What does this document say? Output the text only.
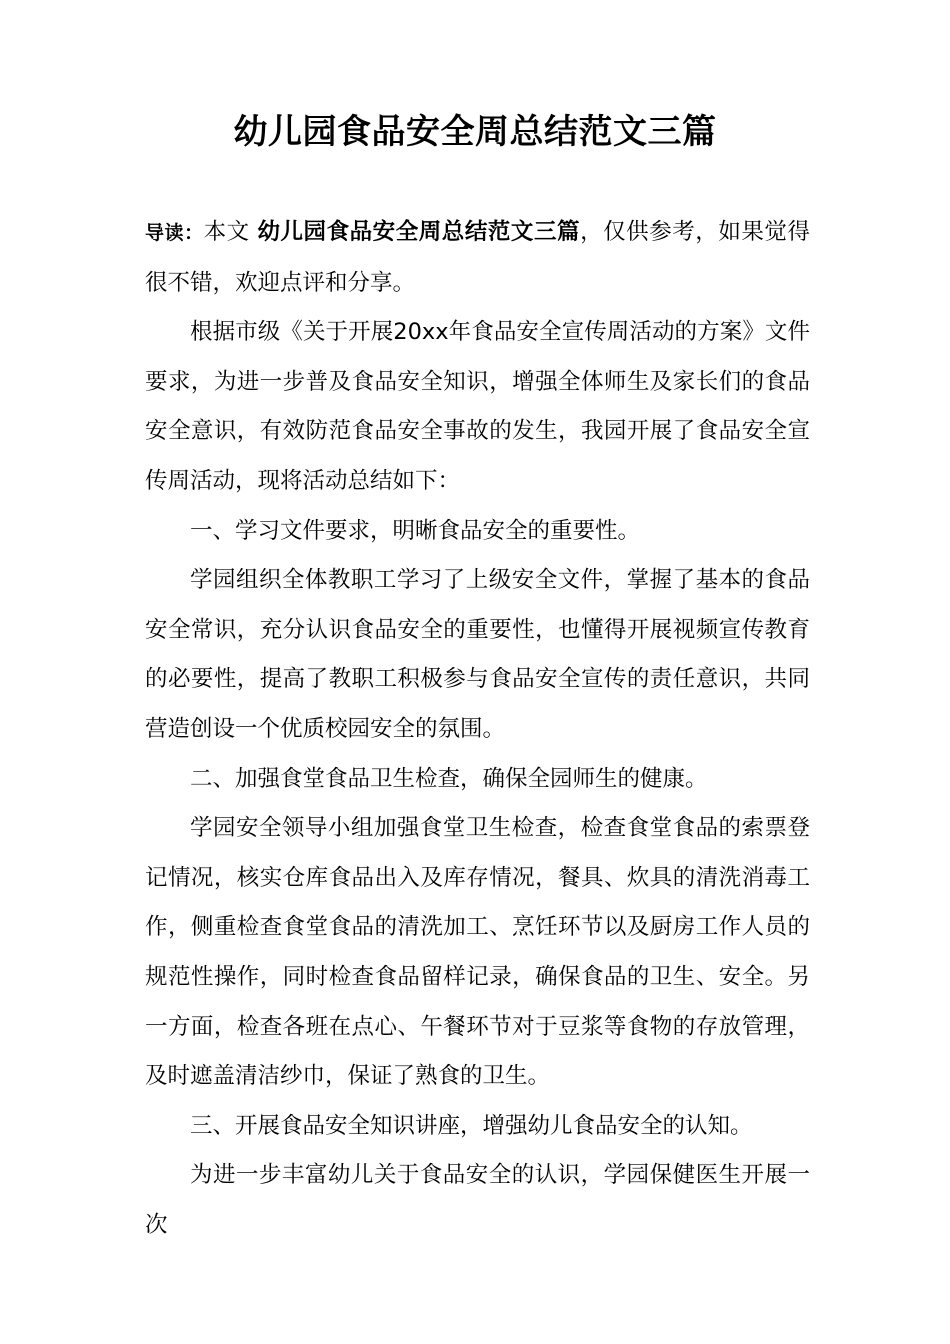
幼儿园食品安全周总结范文三篇

导读：本文 幼儿园食品安全周总结范文三篇，仅供参考，如果觉得很不错，欢迎点评和分享。

根据市级《关于开展20xx年食品安全宣传周活动的方案》文件要求，为进一步普及食品安全知识，增强全体师生及家长们的食品安全意识，有效防范食品安全事故的发生，我园开展了食品安全宣传周活动，现将活动总结如下：

一、学习文件要求，明晰食品安全的重要性。

学园组织全体教职工学习了上级安全文件，掌握了基本的食品安全常识，充分认识食品安全的重要性，也懂得开展视频宣传教育的必要性，提高了教职工积极参与食品安全宣传的责任意识，共同营造创设一个优质校园安全的氛围。

二、加强食堂食品卫生检查，确保全园师生的健康。

学园安全领导小组加强食堂卫生检查，检查食堂食品的索票登记情况，核实仓库食品出入及库存情况，餐具、炊具的清洗消毒工作，侧重检查食堂食品的清洗加工、烹饪环节以及厨房工作人员的规范性操作，同时检查食品留样记录，确保食品的卫生、安全。另一方面，检查各班在点心、午餐环节对于豆浆等食物的存放管理，及时遮盖清洁纱巾，保证了熟食的卫生。

三、开展食品安全知识讲座，增强幼儿食品安全的认知。

为进一步丰富幼儿关于食品安全的认识，学园保健医生开展一次
